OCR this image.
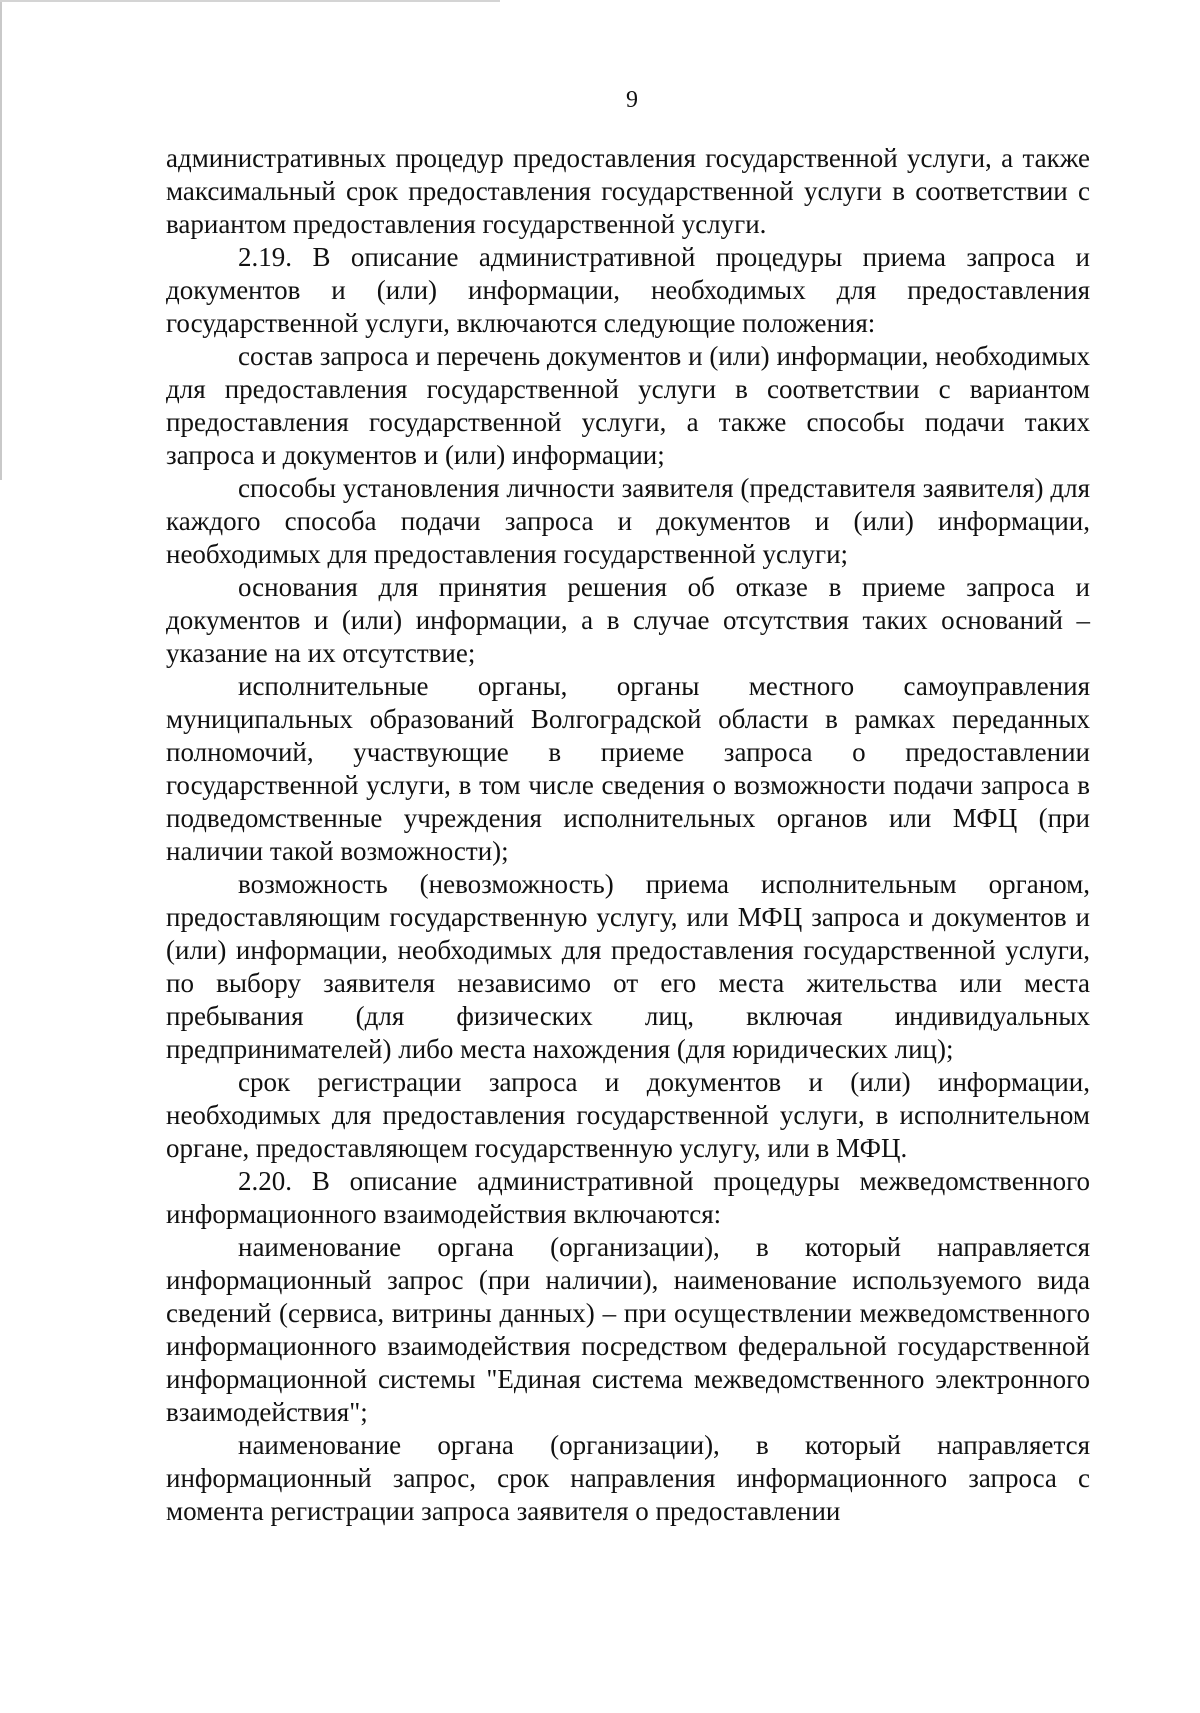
9

административных процедур предоставления государственной услуги, а также максимальный срок предоставления государственной услуги в соответствии с вариантом предоставления государственной услуги.

2.19. В описание административной процедуры приема запроса и документов и (или) информации, необходимых для предоставления государственной услуги, включаются следующие положения:

состав запроса и перечень документов и (или) информации, необходимых для предоставления государственной услуги в соответствии с вариантом предоставления государственной услуги, а также способы подачи таких запроса и документов и (или) информации;

способы установления личности заявителя (представителя заявителя) для каждого способа подачи запроса и документов и (или) информации, необходимых для предоставления государственной услуги;

основания для принятия решения об отказе в приеме запроса и документов и (или) информации, а в случае отсутствия таких оснований – указание на их отсутствие;

исполнительные органы, органы местного самоуправления муниципальных образований Волгоградской области в рамках переданных полномочий, участвующие в приеме запроса о предоставлении государственной услуги, в том числе сведения о возможности подачи запроса в подведомственные учреждения исполнительных органов или МФЦ (при наличии такой возможности);

возможность (невозможность) приема исполнительным органом, предоставляющим государственную услугу, или МФЦ запроса и документов и (или) информации, необходимых для предоставления государственной услуги, по выбору заявителя независимо от его места жительства или места пребывания (для физических лиц, включая индивидуальных предпринимателей) либо места нахождения (для юридических лиц);

срок регистрации запроса и документов и (или) информации, необходимых для предоставления государственной услуги, в исполнительном органе, предоставляющем государственную услугу, или в МФЦ.

2.20. В описание административной процедуры межведомственного информационного взаимодействия включаются:

наименование органа (организации), в который направляется информационный запрос (при наличии), наименование используемого вида сведений (сервиса, витрины данных) – при осуществлении межведомственного информационного взаимодействия посредством федеральной государственной информационной системы "Единая система межведомственного электронного взаимодействия";

наименование органа (организации), в который направляется информационный запрос, срок направления информационного запроса с момента регистрации запроса заявителя о предоставлении
